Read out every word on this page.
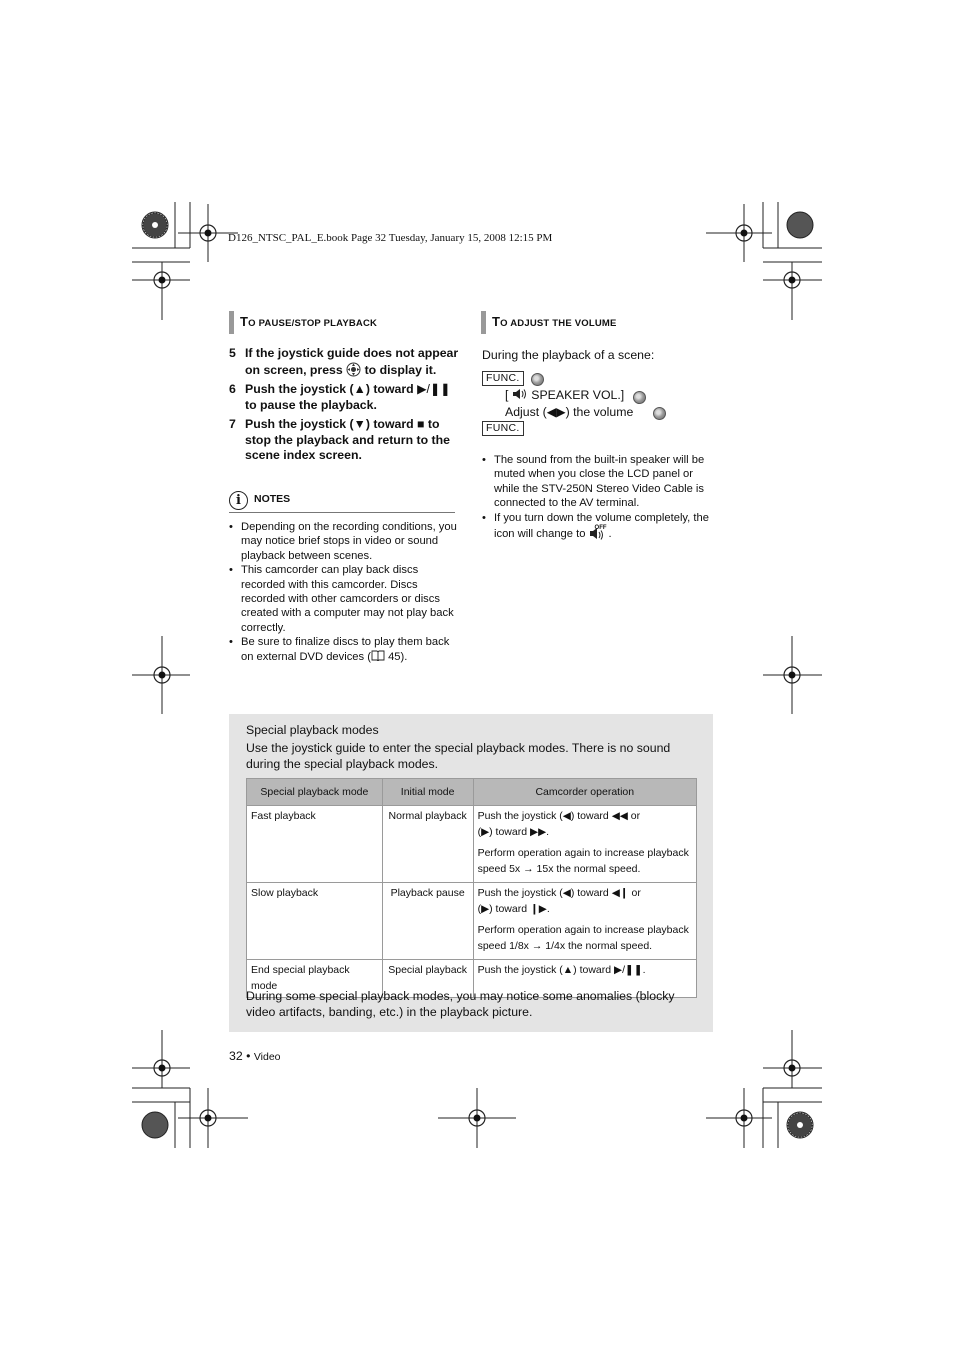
D126_NTSC_PAL_E.book Page 32 Tuesday, January 15, 2008 12:15 PM
TO PAUSE/STOP PLAYBACK
5 If the joystick guide does not appear on screen, press  to display it.
6 Push the joystick (▲) toward ▶/❚❚ to pause the playback.
7 Push the joystick (▼) toward ■ to stop the playback and return to the scene index screen.
i	NOTES
• Depending on the recording conditions, you may notice brief stops in video or sound playback between scenes.
• This camcorder can play back discs recorded with this camcorder. Discs recorded with other camcorders or discs created with a computer may not play back correctly.
• Be sure to finalize discs to play them back on external DVD devices ( 45).
TO ADJUST THE VOLUME
During the playback of a scene:
FUNC.
[  SPEAKER VOL.]
Adjust (◀▶) the volume
FUNC.
• The sound from the built-in speaker will be muted when you close the LCD panel or while the STV-250N Stereo Video Cable is connected to the AV terminal.
• If you turn down the volume completely, the icon will change to OFF .
Special playback modes
Use the joystick guide to enter the special playback modes. There is no sound during the special playback modes.
Special playback mode	Initial mode	Camcorder operation
Fast playback	Normal playback	Push the joystick (◀) toward ◀◀ or
(▶) toward ▶▶.
Perform operation again to increase playback speed 5x → 15x the normal speed.

Slow playback	Playback pause	Push the joystick (◀) toward ◀❙ or
(▶) toward ❙▶.
Perform operation again to increase playback speed 1/8x → 1/4x the normal speed.

End special playback mode	Special playback	Push the joystick (▲) toward ▶/❚❚.
During some special playback modes, you may notice some anomalies (blocky video artifacts, banding, etc.) in the playback picture.
32 • Video
